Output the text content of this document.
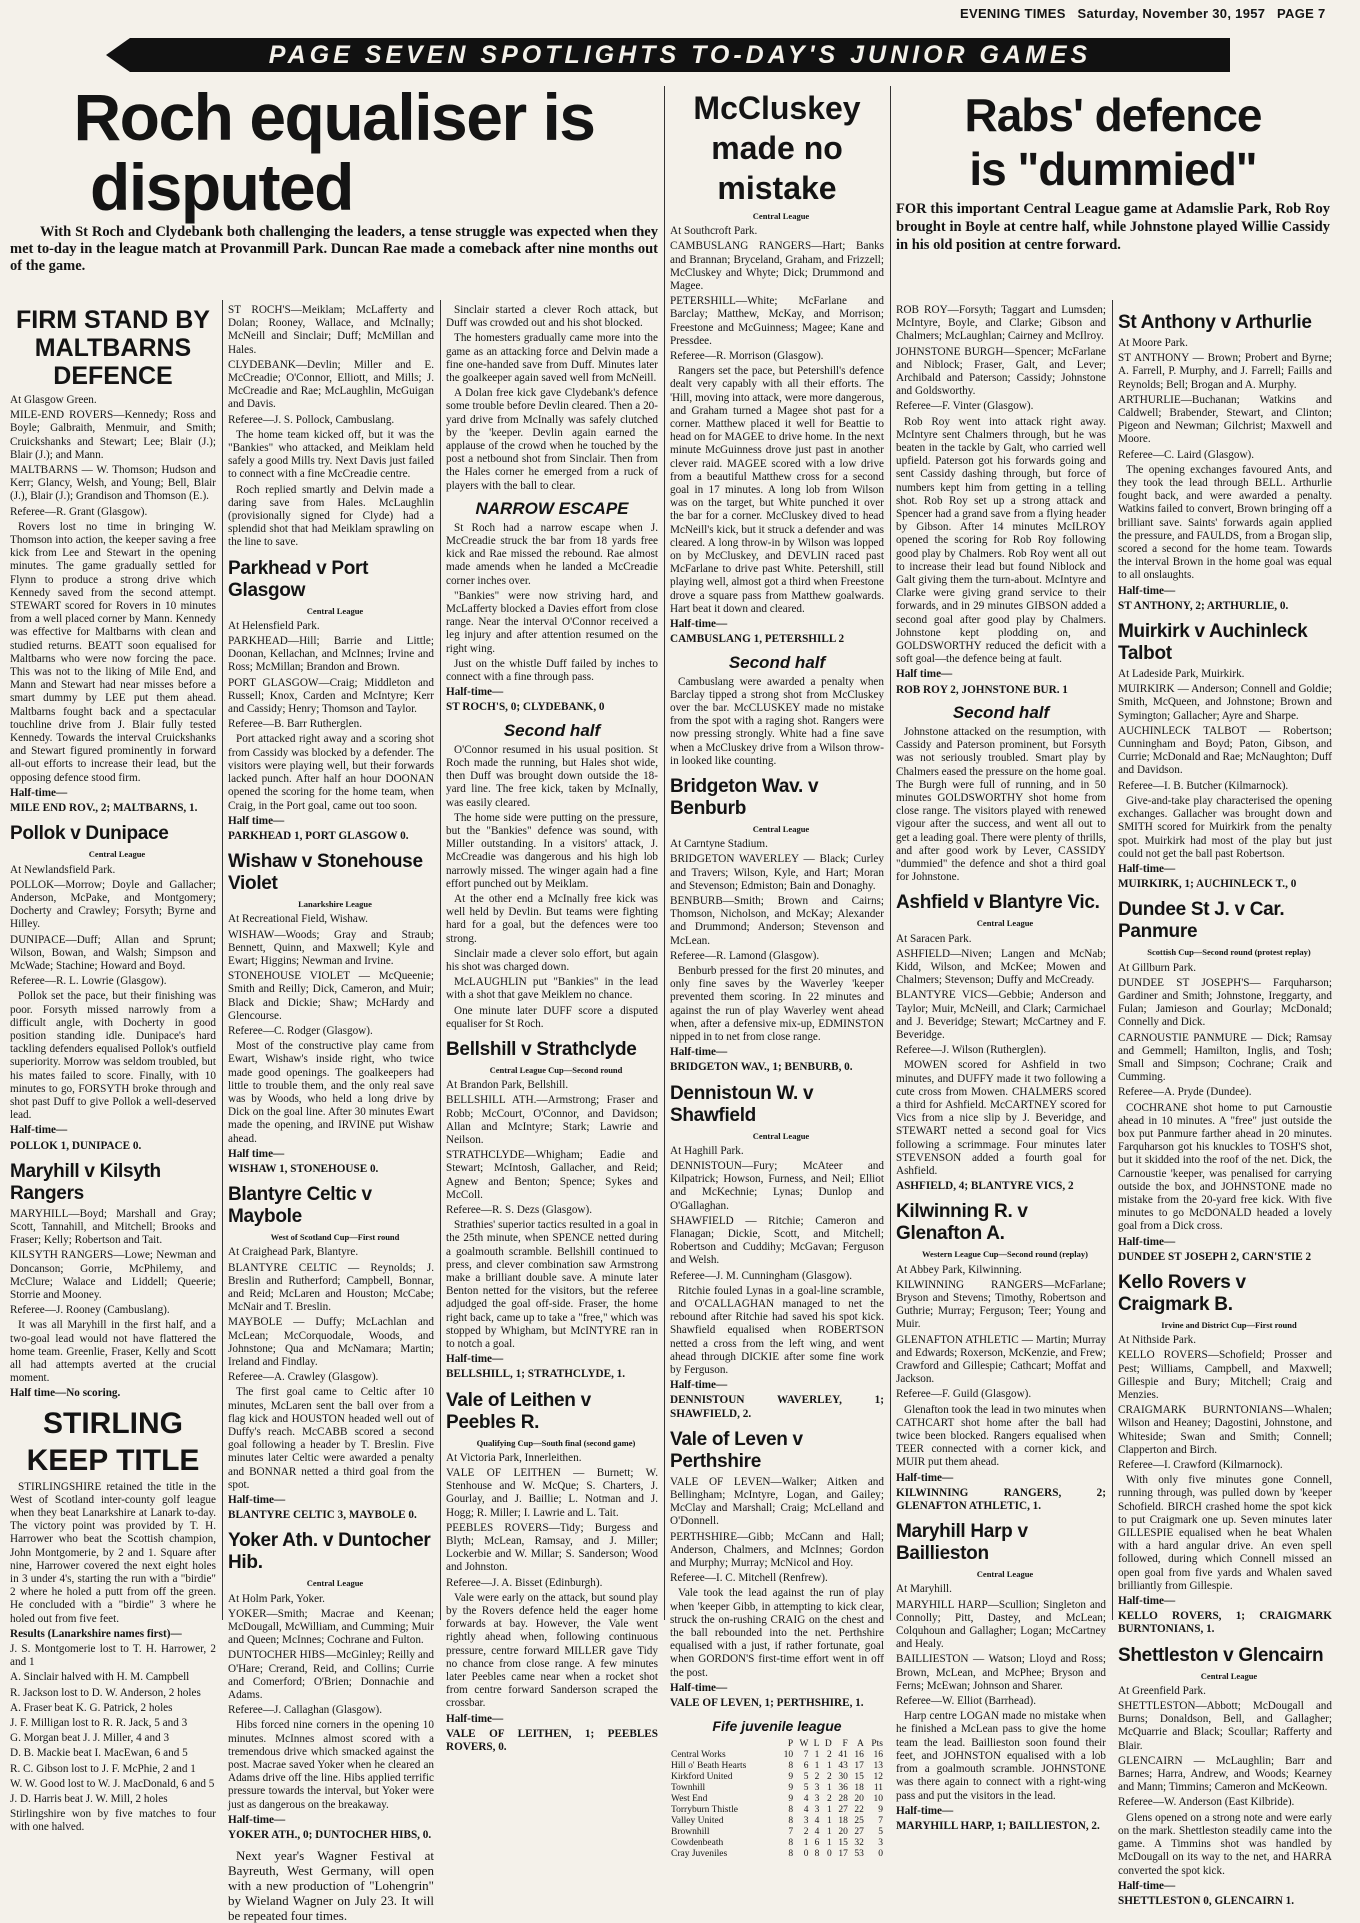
EVENING TIMES Saturday, November 30, 1957 PAGE 7
PAGE SEVEN SPOTLIGHTS TO-DAY'S JUNIOR GAMES
Roch equaliser is
disputed

With St Roch and Clydebank both challenging the leaders, a tense struggle was expected when they met to-day in the league match at Provanmill Park. Duncan Rae made a comeback after nine months out of the game.

FIRM STAND BY MALTBARNS DEFENCE

At Glasgow Green.

MILE-END ROVERS—Kennedy; Ross and Boyle; Galbraith, Menmuir, and Smith; Cruickshanks and Stewart; Lee; Blair (J.); Blair (J.); and Mann.

MALTBARNS — W. Thomson; Hudson and Kerr; Glancy, Welsh, and Young; Bell, Blair (J.), Blair (J.); Grandison and Thomson (E.).

Referee—R. Grant (Glasgow).

Rovers lost no time in bringing W. Thomson into action, the keeper saving a free kick from Lee and Stewart in the opening minutes. The game gradually settled for Flynn to produce a strong drive which Kennedy saved from the second attempt. STEWART scored for Rovers in 10 minutes from a well placed corner by Mann. Kennedy was effective for Maltbarns with clean and studied returns. BEATT soon equalised for Maltbarns who were now forcing the pace. This was not to the liking of Mile End, and Mann and Stewart had near misses before a smart dummy by LEE put them ahead. Maltbarns fought back and a spectacular touchline drive from J. Blair fully tested Kennedy. Towards the interval Cruickshanks and Stewart figured prominently in forward all-out efforts to increase their lead, but the opposing defence stood firm.

Half-time—

MILE END ROV., 2; MALTBARNS, 1.

Pollok v Dunipace

Central League

At Newlandsfield Park.

POLLOK—Morrow; Doyle and Gallacher; Anderson, McPake, and Montgomery; Docherty and Crawley; Forsyth; Byrne and Hilley.

DUNIPACE—Duff; Allan and Sprunt; Wilson, Bowan, and Walsh; Simpson and McWade; Stachine; Howard and Boyd.

Referee—R. L. Lowrie (Glasgow).

Pollok set the pace, but their finishing was poor. Forsyth missed narrowly from a difficult angle, with Docherty in good position standing idle. Dunipace's hard tackling defenders equalised Pollok's outfield superiority. Morrow was seldom troubled, but his mates failed to score. Finally, with 10 minutes to go, FORSYTH broke through and shot past Duff to give Pollok a well-deserved lead.

Half-time—

POLLOK 1, DUNIPACE 0.

Maryhill v Kilsyth Rangers

MARYHILL—Boyd; Marshall and Gray; Scott, Tannahill, and Mitchell; Brooks and Fraser; Kelly; Robertson and Tait.

KILSYTH RANGERS—Lowe; Newman and Doncanson; Gorrie, McPhilemy, and McClure; Walace and Liddell; Queerie; Storrie and Mooney.

Referee—J. Rooney (Cambuslang).

It was all Maryhill in the first half, and a two-goal lead would not have flattered the home team. Greenlie, Fraser, Kelly and Scott all had attempts averted at the crucial moment.

Half time—No scoring.

STIRLING
KEEP TITLE

STIRLINGSHIRE retained the title in the West of Scotland inter-county golf league when they beat Lanarkshire at Lanark to-day. The victory point was provided by T. H. Harrower who beat the Scottish champion, John Montgomerie, by 2 and 1. Square after nine, Harrower covered the next eight holes in 3 under 4's, starting the run with a "birdie" 2 where he holed a putt from off the green. He concluded with a "birdie" 3 where he holed out from five feet.

Results (Lanarkshire names first)—

J. S. Montgomerie lost to T. H. Harrower, 2 and 1

A. Sinclair halved with H. M. Campbell

R. Jackson lost to D. W. Anderson, 2 holes

A. Fraser beat K. G. Patrick, 2 holes

J. F. Milligan lost to R. R. Jack, 5 and 3

G. Morgan beat J. J. Miller, 4 and 3

D. B. Mackie beat I. MacEwan, 6 and 5

R. C. Gibson lost to J. F. McPhie, 2 and 1

W. W. Good lost to W. J. MacDonald, 6 and 5

J. D. Harris beat J. W. Mill, 2 holes

Stirlingshire won by five matches to four with one halved.

ST ROCH'S—Meiklam; McLafferty and Dolan; Rooney, Wallace, and McInally; McNeill and Sinclair; Duff; McMillan and Hales.

CLYDEBANK—Devlin; Miller and E. McCreadie; O'Connor, Elliott, and Mills; J. McCreadie and Rae; McLaughlin, McGuigan and Davis.

Referee—J. S. Pollock, Cambuslang.

The home team kicked off, but it was the "Bankies" who attacked, and Meiklam held safely a good Mills try. Next Davis just failed to connect with a fine McCreadie centre.

Roch replied smartly and Delvin made a daring save from Hales. McLaughlin (provisionally signed for Clyde) had a splendid shot that had Meiklam sprawling on the line to save.

Parkhead v Port Glasgow

Central League

At Helensfield Park.

PARKHEAD—Hill; Barrie and Little; Doonan, Kellachan, and McInnes; Irvine and Ross; McMillan; Brandon and Brown.

PORT GLASGOW—Craig; Middleton and Russell; Knox, Carden and McIntyre; Kerr and Cassidy; Henry; Thomson and Taylor.

Referee—B. Barr Rutherglen.

Port attacked right away and a scoring shot from Cassidy was blocked by a defender. The visitors were playing well, but their forwards lacked punch. After half an hour DOONAN opened the scoring for the home team, when Craig, in the Port goal, came out too soon.

Half time—

PARKHEAD 1, PORT GLASGOW 0.

Wishaw v Stonehouse Violet

Lanarkshire League

At Recreational Field, Wishaw.

WISHAW—Woods; Gray and Straub; Bennett, Quinn, and Maxwell; Kyle and Ewart; Higgins; Newman and Irvine.

STONEHOUSE VIOLET — McQueenie; Smith and Reilly; Dick, Cameron, and Muir; Black and Dickie; Shaw; McHardy and Glencourse.

Referee—C. Rodger (Glasgow).

Most of the constructive play came from Ewart, Wishaw's inside right, who twice made good openings. The goalkeepers had little to trouble them, and the only real save was by Woods, who held a long drive by Dick on the goal line. After 30 minutes Ewart made the opening, and IRVINE put Wishaw ahead.

Half time—

WISHAW 1, STONEHOUSE 0.

Blantyre Celtic v Maybole

West of Scotland Cup—First round

At Craighead Park, Blantyre.

BLANTYRE CELTIC — Reynolds; J. Breslin and Rutherford; Campbell, Bonnar, and Reid; McLaren and Houston; McCabe; McNair and T. Breslin.

MAYBOLE — Duffy; McLachlan and McLean; McCorquodale, Woods, and Johnstone; Qua and McNamara; Martin; Ireland and Findlay.

Referee—A. Crawley (Glasgow).

The first goal came to Celtic after 10 minutes, McLaren sent the ball over from a flag kick and HOUSTON headed well out of Duffy's reach. McCABB scored a second goal following a header by T. Breslin. Five minutes later Celtic were awarded a penalty and BONNAR netted a third goal from the spot.

Half-time—

BLANTYRE CELTIC 3, MAYBOLE 0.

Yoker Ath. v Duntocher Hib.

Central League

At Holm Park, Yoker.

YOKER—Smith; Macrae and Keenan; McDougall, McWilliam, and Cumming; Muir and Queen; McInnes; Cochrane and Fulton.

DUNTOCHER HIBS—McGinley; Reilly and O'Hare; Crerand, Reid, and Collins; Currie and Comerford; O'Brien; Donnachie and Adams.

Referee—J. Callaghan (Glasgow).

Hibs forced nine corners in the opening 10 minutes. McInnes almost scored with a tremendous drive which smacked against the post. Macrae saved Yoker when he cleared an Adams drive off the line. Hibs applied terrific pressure towards the interval, but Yoker were just as dangerous on the breakaway.

Half-time—

YOKER ATH., 0; DUNTOCHER HIBS, 0.

Next year's Wagner Festival at Bayreuth, West Germany, will open with a new production of "Lohengrin" by Wieland Wagner on July 23. It will be repeated four times.

Sinclair started a clever Roch attack, but Duff was crowded out and his shot blocked.

The homesters gradually came more into the game as an attacking force and Delvin made a fine one-handed save from Duff. Minutes later the goalkeeper again saved well from McNeill.

A Dolan free kick gave Clydebank's defence some trouble before Devlin cleared. Then a 20-yard drive from McInally was safely clutched by the 'keeper. Devlin again earned the applause of the crowd when he touched by the post a netbound shot from Sinclair. Then from the Hales corner he emerged from a ruck of players with the ball to clear.

NARROW ESCAPE

St Roch had a narrow escape when J. McCreadie struck the bar from 18 yards free kick and Rae missed the rebound. Rae almost made amends when he landed a McCreadie corner inches over.

"Bankies" were now striving hard, and McLafferty blocked a Davies effort from close range. Near the interval O'Connor received a leg injury and after attention resumed on the right wing.

Just on the whistle Duff failed by inches to connect with a fine through pass.

Half-time—

ST ROCH'S, 0; CLYDEBANK, 0

Second half

O'Connor resumed in his usual position. St Roch made the running, but Hales shot wide, then Duff was brought down outside the 18-yard line. The free kick, taken by McInally, was easily cleared.

The home side were putting on the pressure, but the "Bankies" defence was sound, with Miller outstanding. In a visitors' attack, J. McCreadie was dangerous and his high lob narrowly missed. The winger again had a fine effort punched out by Meiklam.

At the other end a McInally free kick was well held by Devlin. But teams were fighting hard for a goal, but the defences were too strong.

Sinclair made a clever solo effort, but again his shot was charged down.

McLAUGHLIN put "Bankies" in the lead with a shot that gave Meiklem no chance.

One minute later DUFF score a disputed equaliser for St Roch.

Bellshill v Strathclyde

Central League Cup—Second round

At Brandon Park, Bellshill.

BELLSHILL ATH.—Armstrong; Fraser and Robb; McCourt, O'Connor, and Davidson; Allan and McIntyre; Stark; Lawrie and Neilson.

STRATHCLYDE—Whigham; Eadie and Stewart; McIntosh, Gallacher, and Reid; Agnew and Benton; Spence; Sykes and McColl.

Referee—R. S. Dezs (Glasgow).

Strathies' superior tactics resulted in a goal in the 25th minute, when SPENCE netted during a goalmouth scramble. Bellshill continued to press, and clever combination saw Armstrong make a brilliant double save. A minute later Benton netted for the visitors, but the referee adjudged the goal off-side. Fraser, the home right back, came up to take a "free," which was stopped by Whigham, but McINTYRE ran in to notch a goal.

Half-time—

BELLSHILL, 1; STRATHCLYDE, 1.

Vale of Leithen v Peebles R.

Qualifying Cup—South final (second game)

At Victoria Park, Innerleithen.

VALE OF LEITHEN — Burnett; W. Stenhouse and W. McQue; S. Charters, J. Gourlay, and J. Baillie; L. Notman and J. Hogg; R. Miller; I. Lawrie and L. Tait.

PEEBLES ROVERS—Tidy; Burgess and Blyth; McLean, Ramsay, and J. Miller; Lockerbie and W. Millar; S. Sanderson; Wood and Johnston.

Referee—J. A. Bisset (Edinburgh).

Vale were early on the attack, but sound play by the Rovers defence held the eager home forwards at bay. However, the Vale went rightly ahead when, following continuous pressure, centre forward MILLER gave Tidy no chance from close range. A few minutes later Peebles came near when a rocket shot from centre forward Sanderson scraped the crossbar.

Half-time—

VALE OF LEITHEN, 1; PEEBLES ROVERS, 0.

McCluskey
made no
mistake

Central League

At Southcroft Park.

CAMBUSLANG RANGERS—Hart; Banks and Brannan; Bryceland, Graham, and Frizzell; McCluskey and Whyte; Dick; Drummond and Magee.

PETERSHILL—White; McFarlane and Barclay; Matthew, McKay, and Morrison; Freestone and McGuinness; Magee; Kane and Pressdee.

Referee—R. Morrison (Glasgow).

Rangers set the pace, but Petershill's defence dealt very capably with all their efforts. The 'Hill, moving into attack, were more dangerous, and Graham turned a Magee shot past for a corner. Matthew placed it well for Beattie to head on for MAGEE to drive home. In the next minute McGuinness drove just past in another clever raid. MAGEE scored with a low drive from a beautiful Matthew cross for a second goal in 17 minutes. A long lob from Wilson was on the target, but White punched it over the bar for a corner. McCluskey dived to head McNeill's kick, but it struck a defender and was cleared. A long throw-in by Wilson was lopped on by McCluskey, and DEVLIN raced past McFarlane to drive past White. Petershill, still playing well, almost got a third when Freestone drove a square pass from Matthew goalwards. Hart beat it down and cleared.

Half-time—

CAMBUSLANG 1, PETERSHILL 2

Second half

Cambuslang were awarded a penalty when Barclay tipped a strong shot from McCluskey over the bar. McCLUSKEY made no mistake from the spot with a raging shot. Rangers were now pressing strongly. White had a fine save when a McCluskey drive from a Wilson throw-in looked like counting.

Bridgeton Wav. v Benburb

Central League

At Carntyne Stadium.

BRIDGETON WAVERLEY — Black; Curley and Travers; Wilson, Kyle, and Hart; Moran and Stevenson; Edmiston; Bain and Donaghy.

BENBURB—Smith; Brown and Cairns; Thomson, Nicholson, and McKay; Alexander and Drummond; Anderson; Stevenson and McLean.

Referee—R. Lamond (Glasgow).

Benburb pressed for the first 20 minutes, and only fine saves by the Waverley 'keeper prevented them scoring. In 22 minutes and against the run of play Waverley went ahead when, after a defensive mix-up, EDMINSTON nipped in to net from close range.

Half-time—

BRIDGETON WAV., 1; BENBURB, 0.

Dennistoun W. v Shawfield

Central League

At Haghill Park.

DENNISTOUN—Fury; McAteer and Kilpatrick; Howson, Furness, and Neil; Elliot and McKechnie; Lynas; Dunlop and O'Gallaghan.

SHAWFIELD — Ritchie; Cameron and Flanagan; Dickie, Scott, and Mitchell; Robertson and Cuddihy; McGavan; Ferguson and Welsh.

Referee—J. M. Cunningham (Glasgow).

Ritchie fouled Lynas in a goal-line scramble, and O'CALLAGHAN managed to net the rebound after Ritchie had saved his spot kick. Shawfield equalised when ROBERTSON netted a cross from the left wing, and went ahead through DICKIE after some fine work by Ferguson.

Half-time—

DENNISTOUN WAVERLEY, 1; SHAWFIELD, 2.

Vale of Leven v Perthshire

VALE OF LEVEN—Walker; Aitken and Bellingham; McIntyre, Logan, and Gailey; McClay and Marshall; Craig; McLelland and O'Donnell.

PERTHSHIRE—Gibb; McCann and Hall; Anderson, Chalmers, and McInnes; Gordon and Murphy; Murray; McNicol and Hoy.

Referee—I. C. Mitchell (Renfrew).

Vale took the lead against the run of play when 'keeper Gibb, in attempting to kick clear, struck the on-rushing CRAIG on the chest and the ball rebounded into the net. Perthshire equalised with a just, if rather fortunate, goal when GORDON'S first-time effort went in off the post.

Half-time—

VALE OF LEVEN, 1; PERTHSHIRE, 1.

Fife juvenile league
	P	W	L	D	F	A	Pts
Central Works	10	7	1	2	41	16	16
Hill o' Beath Hearts	8	6	1	1	43	17	13
Kirkford United	9	5	2	2	30	15	12
Townhill	9	5	3	1	36	18	11
West End	9	4	3	2	28	20	10
Torryburn Thistle	8	4	3	1	27	22	9
Valley United	8	3	4	1	18	25	7
Brownhill	7	2	4	1	20	27	5
Cowdenbeath	8	1	6	1	15	32	3
Cray Juveniles	8	0	8	0	17	53	0
Rabs' defence
is "dummied"

FOR this important Central League game at Adamslie Park, Rob Roy brought in Boyle at centre half, while Johnstone played Willie Cassidy in his old position at centre forward.

ROB ROY—Forsyth; Taggart and Lumsden; McIntyre, Boyle, and Clarke; Gibson and Chalmers; McLaughlan; Cairney and McIlroy.

JOHNSTONE BURGH—Spencer; McFarlane and Niblock; Fraser, Galt, and Lever; Archibald and Paterson; Cassidy; Johnstone and Goldsworthy.

Referee—F. Vinter (Glasgow).

Rob Roy went into attack right away. McIntyre sent Chalmers through, but he was beaten in the tackle by Galt, who carried well upfield. Paterson got his forwards going and sent Cassidy dashing through, but force of numbers kept him from getting in a telling shot. Rob Roy set up a strong attack and Spencer had a grand save from a flying header by Gibson. After 14 minutes McILROY opened the scoring for Rob Roy following good play by Chalmers. Rob Roy went all out to increase their lead but found Niblock and Galt giving them the turn-about. McIntyre and Clarke were giving grand service to their forwards, and in 29 minutes GIBSON added a second goal after good play by Chalmers. Johnstone kept plodding on, and GOLDSWORTHY reduced the deficit with a soft goal—the defence being at fault.

Half time—

ROB ROY 2, JOHNSTONE BUR. 1

Second half

Johnstone attacked on the resumption, with Cassidy and Paterson prominent, but Forsyth was not seriously troubled. Smart play by Chalmers eased the pressure on the home goal. The Burgh were full of running, and in 50 minutes GOLDSWORTHY shot home from close range. The visitors played with renewed vigour after the success, and went all out to get a leading goal. There were plenty of thrills, and after good work by Lever, CASSIDY "dummied" the defence and shot a third goal for Johnstone.

Ashfield v Blantyre Vic.

Central League

At Saracen Park.

ASHFIELD—Niven; Langen and McNab; Kidd, Wilson, and McKee; Mowen and Chalmers; Stevenson; Duffy and McCready.

BLANTYRE VICS—Gebbie; Anderson and Taylor; Muir, McNeill, and Clark; Carmichael and J. Beveridge; Stewart; McCartney and F. Beveridge.

Referee—J. Wilson (Rutherglen).

MOWEN scored for Ashfield in two minutes, and DUFFY made it two following a cute cross from Mowen. CHALMERS scored a third for Ashfield. McCARTNEY scored for Vics from a nice slip by J. Beveridge, and STEWART netted a second goal for Vics following a scrimmage. Four minutes later STEVENSON added a fourth goal for Ashfield.

ASHFIELD, 4; BLANTYRE VICS, 2

Kilwinning R. v Glenafton A.

Western League Cup—Second round (replay)

At Abbey Park, Kilwinning.

KILWINNING RANGERS—McFarlane; Bryson and Stevens; Timothy, Robertson and Guthrie; Murray; Ferguson; Teer; Young and Muir.

GLENAFTON ATHLETIC — Martin; Murray and Edwards; Roxerson, McKenzie, and Frew; Crawford and Gillespie; Cathcart; Moffat and Jackson.

Referee—F. Guild (Glasgow).

Glenafton took the lead in two minutes when CATHCART shot home after the ball had twice been blocked. Rangers equalised when TEER connected with a corner kick, and MUIR put them ahead.

Half-time—

KILWINNING RANGERS, 2; GLENAFTON ATHLETIC, 1.

Maryhill Harp v Baillieston

Central League

At Maryhill.

MARYHILL HARP—Scullion; Singleton and Connolly; Pitt, Dastey, and McLean; Colquhoun and Gallagher; Logan; McCartney and Healy.

BAILLIESTON — Watson; Lloyd and Ross; Brown, McLean, and McPhee; Bryson and Ferns; McEwan; Johnson and Sharer.

Referee—W. Elliot (Barrhead).

Harp centre LOGAN made no mistake when he finished a McLean pass to give the home team the lead. Baillieston soon found their feet, and JOHNSTON equalised with a lob from a goalmouth scramble. JOHNSTONE was there again to connect with a right-wing pass and put the visitors in the lead.

Half-time—

MARYHILL HARP, 1; BAILLIESTON, 2.

St Anthony v Arthurlie

At Moore Park.

ST ANTHONY — Brown; Probert and Byrne; A. Farrell, P. Murphy, and J. Farrell; Faills and Reynolds; Bell; Brogan and A. Murphy.

ARTHURLIE—Buchanan; Watkins and Caldwell; Brabender, Stewart, and Clinton; Pigeon and Newman; Gilchrist; Maxwell and Moore.

Referee—C. Laird (Glasgow).

The opening exchanges favoured Ants, and they took the lead through BELL. Arthurlie fought back, and were awarded a penalty. Watkins failed to convert, Brown bringing off a brilliant save. Saints' forwards again applied the pressure, and FAULDS, from a Brogan slip, scored a second for the home team. Towards the interval Brown in the home goal was equal to all onslaughts.

Half-time—

ST ANTHONY, 2; ARTHURLIE, 0.

Muirkirk v Auchinleck Talbot

At Ladeside Park, Muirkirk.

MUIRKIRK — Anderson; Connell and Goldie; Smith, McQueen, and Johnstone; Brown and Symington; Gallacher; Ayre and Sharpe.

AUCHINLECK TALBOT — Robertson; Cunningham and Boyd; Paton, Gibson, and Currie; McDonald and Rae; McNaughton; Duff and Davidson.

Referee—I. B. Butcher (Kilmarnock).

Give-and-take play characterised the opening exchanges. Gallacher was brought down and SMITH scored for Muirkirk from the penalty spot. Muirkirk had most of the play but just could not get the ball past Robertson.

Half-time—

MUIRKIRK, 1; AUCHINLECK T., 0

Dundee St J. v Car. Panmure

Scottish Cup—Second round (protest replay)

At Gillburn Park.

DUNDEE ST JOSEPH'S— Farquharson; Gardiner and Smith; Johnstone, Ireggarty, and Fulan; Jamieson and Gourlay; McDonald; Connelly and Dick.

CARNOUSTIE PANMURE — Dick; Ramsay and Gemmell; Hamilton, Inglis, and Tosh; Small and Simpson; Cochrane; Craik and Cumming.

Referee—A. Pryde (Dundee).

COCHRANE shot home to put Carnoustie ahead in 10 minutes. A "free" just outside the box put Panmure farther ahead in 20 minutes. Farquharson got his knuckles to TOSH'S shot, but it skidded into the roof of the net. Dick, the Carnoustie 'keeper, was penalised for carrying outside the box, and JOHNSTONE made no mistake from the 20-yard free kick. With five minutes to go McDONALD headed a lovely goal from a Dick cross.

Half-time—

DUNDEE ST JOSEPH 2, CARN'STIE 2

Kello Rovers v Craigmark B.

Irvine and District Cup—First round

At Nithside Park.

KELLO ROVERS—Schofield; Prosser and Pest; Williams, Campbell, and Maxwell; Gillespie and Bury; Mitchell; Craig and Menzies.

CRAIGMARK BURNTONIANS—Whalen; Wilson and Heaney; Dagostini, Johnstone, and Whiteside; Swan and Smith; Connell; Clapperton and Birch.

Referee—I. Crawford (Kilmarnock).

With only five minutes gone Connell, running through, was pulled down by 'keeper Schofield. BIRCH crashed home the spot kick to put Craigmark one up. Seven minutes later GILLESPIE equalised when he beat Whalen with a hard angular drive. An even spell followed, during which Connell missed an open goal from five yards and Whalen saved brilliantly from Gillespie.

Half-time—

KELLO ROVERS, 1; CRAIGMARK BURNTONIANS, 1.

Shettleston v Glencairn

Central League

At Greenfield Park.

SHETTLESTON—Abbott; McDougall and Burns; Donaldson, Bell, and Gallagher; McQuarrie and Black; Scoullar; Rafferty and Blair.

GLENCAIRN — McLaughlin; Barr and Barnes; Harra, Andrew, and Woods; Kearney and Mann; Timmins; Cameron and McKeown.

Referee—W. Anderson (East Kilbride).

Glens opened on a strong note and were early on the mark. Shettleston steadily came into the game. A Timmins shot was handled by McDougall on its way to the net, and HARRA converted the spot kick.

Half-time—

SHETTLESTON 0, GLENCAIRN 1.
